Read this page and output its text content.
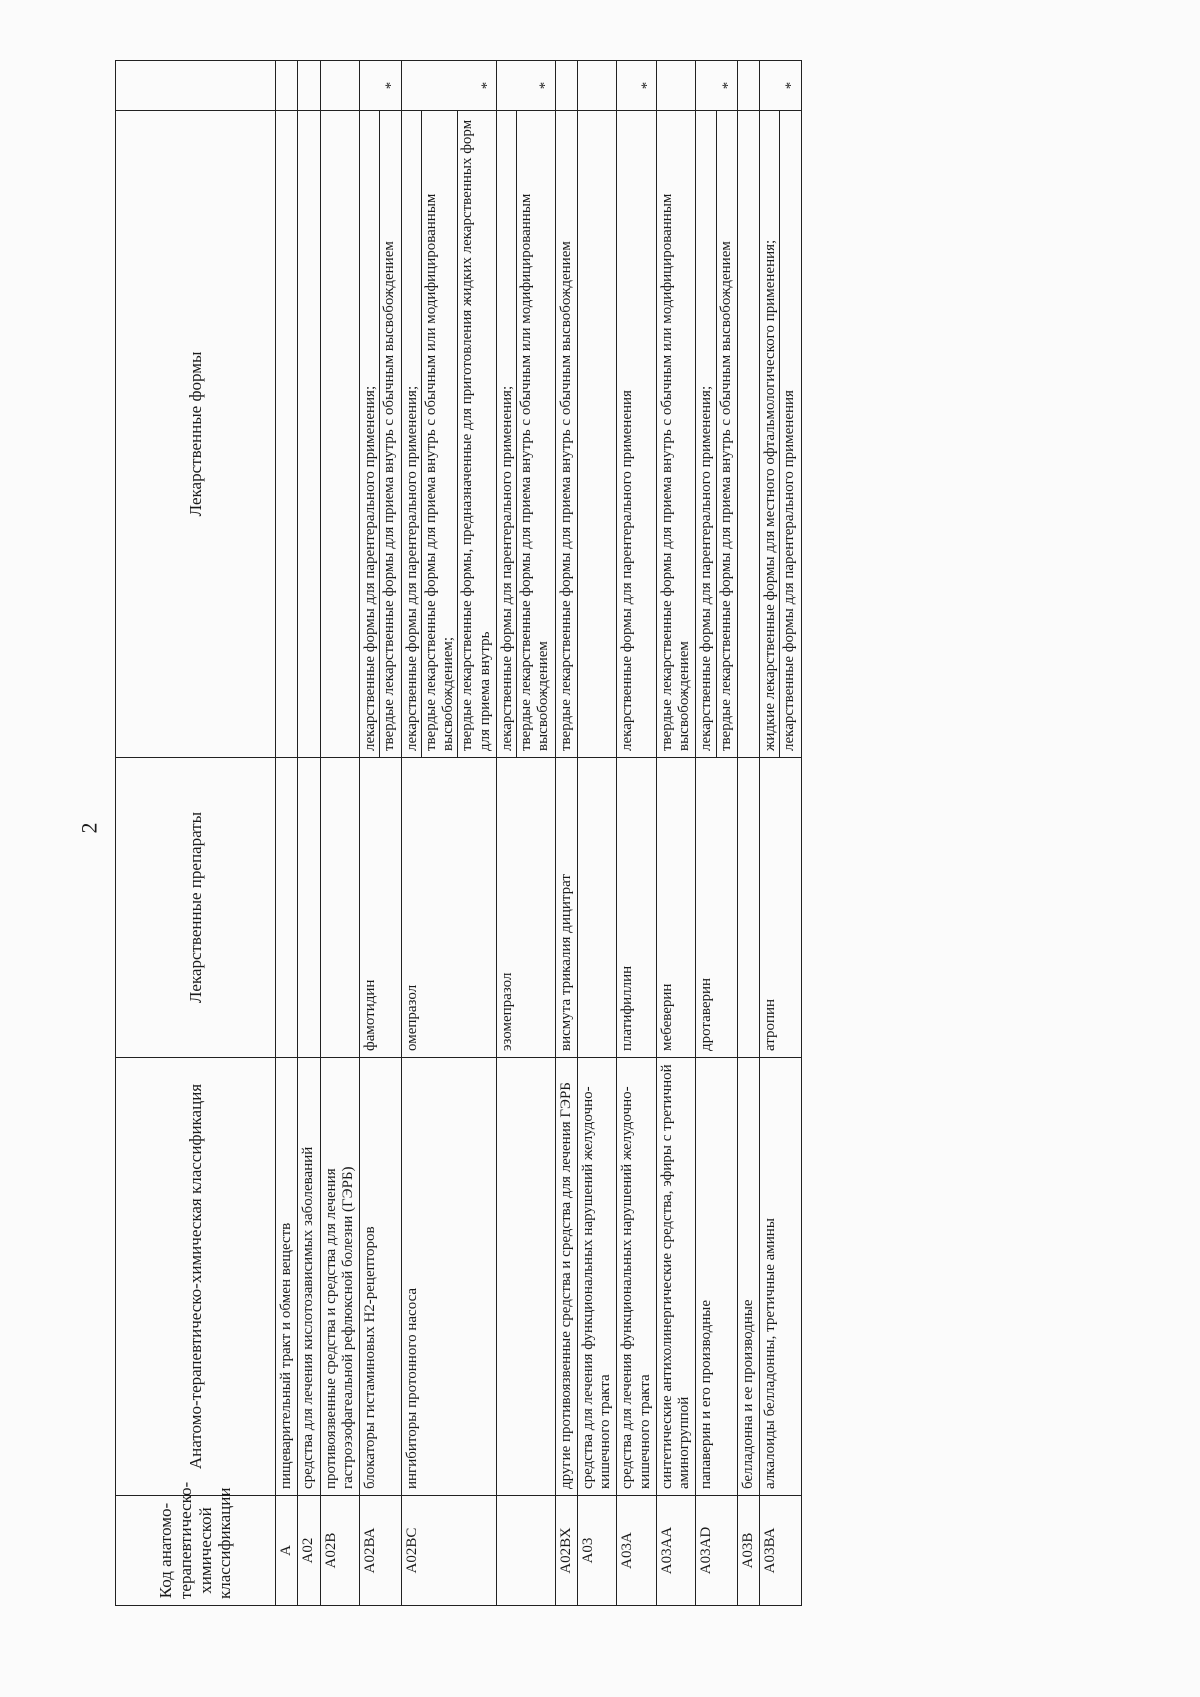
2
Код анатомо-терапевтическо-химической классификации	Анатомо-терапевтическо-химическая классификация	Лекарственные препараты	Лекарственные формы	
А	пищеварительный тракт и обмен веществ			
А02	средства для лечения кислотозависимых заболеваний			
А02В	противоязвенные средства и средства для лечения гастроэзофагеальной рефлюксной болезни (ГЭРБ)			
А02ВА	блокаторы гистаминовых Н2-рецепторов	фамотидин	лекарственные формы для парентерального применения; твердые лекарственные формы для приема внутрь с обычным высвобождением	*
А02ВС	ингибиторы протонного насоса	омепразол	лекарственные формы для парентерального применения; твердые лекарственные формы для приема внутрь с обычным или модифицированным высвобождением; твердые лекарственные формы, предназначенные для приготовления жидких лекарственных форм для приема внутрь	*
		эзомепразол	лекарственные формы для парентерального применения; твердые лекарственные формы для приема внутрь с обычным или модифицированным высвобождением	*
А02ВХ	другие противоязвенные средства и средства для лечения ГЭРБ	висмута трикалия дицитрат	твердые лекарственные формы для приема внутрь с обычным высвобождением	

А03	средства для лечения функциональных нарушений желудочно-кишечного тракта			
А03А	средства для лечения функциональных нарушений желудочно-кишечного тракта	платифиллин	лекарственные формы для парентерального применения	*
А03АА	синтетические антихолинергические средства, эфиры с третичной аминогруппой	мебеверин	твердые лекарственные формы для приема внутрь с обычным или модифицированным высвобождением	

А03АD	папаверин и его производные	дротаверин	лекарственные формы для парентерального применения; твердые лекарственные формы для приема внутрь с обычным высвобождением	*
А03В	белладонна и ее производные			
А03ВА	алкалоиды белладонны, третичные амины	атропин	жидкие лекарственные формы для местного офтальмологического применения; лекарственные формы для парентерального применения	*
